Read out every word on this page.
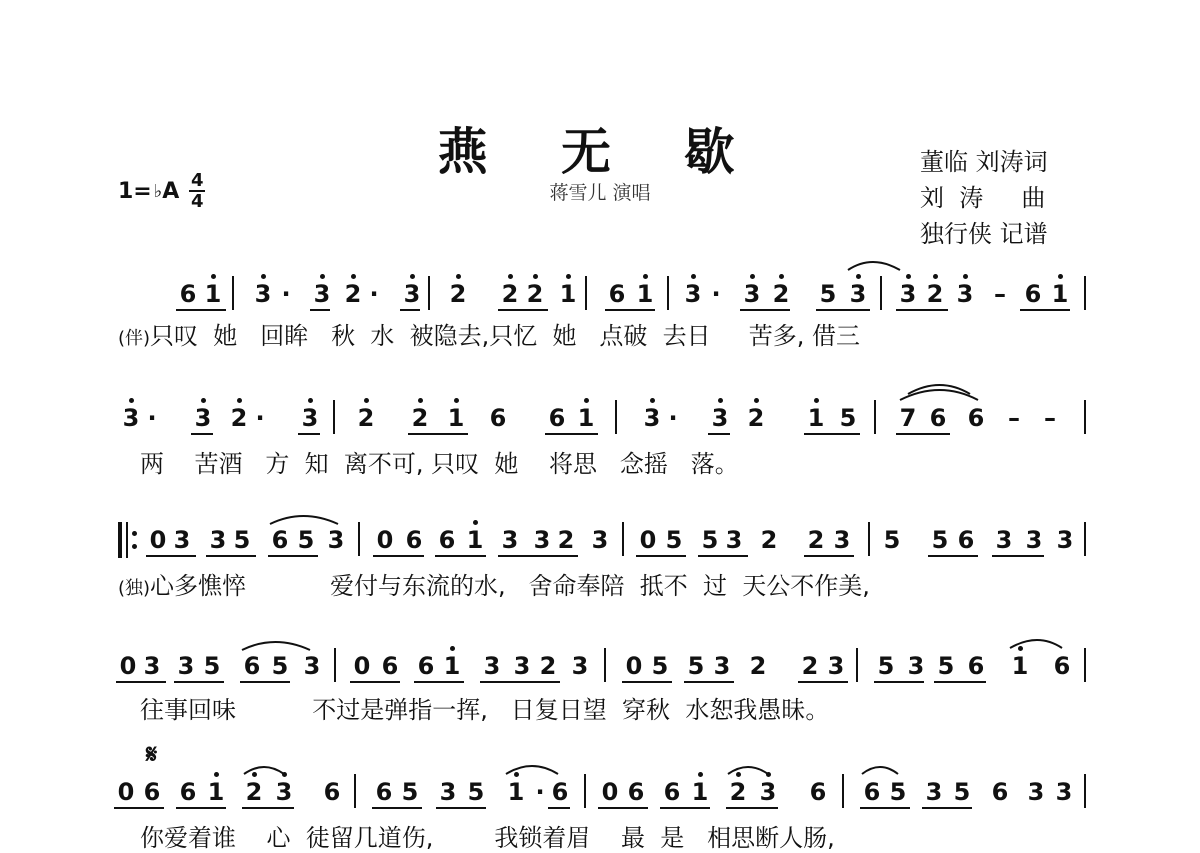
燕 无 歇
蒋雪儿 演唱
董临 刘涛词
刘  涛     曲
独行侠 记谱
1= ♭ A 4
4
6 1 3 · 3 2 · 3 2 2 2 1 6 1 3 · 3 2 5 3 3 2 3 – 6 1
(伴)只叹  她   回眸   秋  水  被隐去,只忆  她   点破  去日     苦多, 借三
3 · 3 2 · 3 2 2 1 6 6 1 3 · 3 2 1 5 7 6 6 – –
两    苦酒   方  知  离不可, 只叹  她    将思   念摇   落。
0 3 3 5 6 5 3 0 6 6 1 3 3 2 3 0 5 5 3 2 2 3 5 5 6 3 3 3
(独)心多憔悴           爱付与东流的水,   舍命奉陪  抵不  过  天公不作美,
0 3 3 5 6 5 3 0 6 6 1 3 3 2 3 0 5 5 3 2 2 3 5 3 5 6 1 6
往事回味          不过是弹指一挥,   日复日望  穿秋  水恕我愚昧。
0 6 6 1 2 3 6 6 5 3 5 1 · 6 0 6 6 1 2 3 6 6 5 3 5 6 3 3
你爱着谁    心  徒留几道伤,        我锁着眉    最  是   相思断人肠,
𝄋
